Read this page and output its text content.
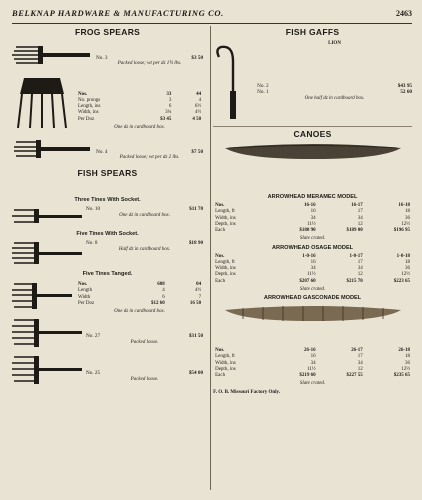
BELKNAP HARDWARE & MANUFACTURING CO.	2463
FROG SPEARS
No. 3	$3 50
Packed loose; wt per dz 1¾ lbs.
Nos.	33	44
No. prongs	3	4
Length, ins	6	6½
Width, ins	3¼	4½
Per Doz	$3 45	4 50
One dz in cardboard box.
No. 4	$7 50
Packed loose; wt per dz 2 lbs.
FISH SPEARS
Three Tines With Socket.
No. 10	$11 70
One dz in cardboard box.
Five Tines With Socket.
No. 8	$18 90
Half dz in cardboard box.
Five Tines Tanged.
Nos.	608	04
Length	4	4½
Width	6	7
Per Doz	$12 60	16 50
One dz in cardboard box.
No. 27	$31 50
Packed loose.
No. 25	$54 00
Packed loose.
FISH GAFFS
LION
No. 2	$43 95
No. 1	52 60
One half dz in cardboard box.
CANOES
ARROWHEAD MERAMEC MODEL
Nos.	16-16	16-17	16-18
Length, ft	16	17	18
Width, ins	34	34	36
Depth, ins	11½	12	12½
Each	$180 90	$189 00	$196 95
Slate crated.
ARROWHEAD OSAGE MODEL
Nos.	1-0-16	1-0-17	1-0-18
Length, ft	16	17	18
Width, ins	34	34	36
Depth, ins	11½	12	12½
Each	$207 60	$215 70	$223 65
Slate crated.
ARROWHEAD GASCONADE MODEL
Nos.	26-16	26-17	26-18
Length, ft	16	17	18
Width, ins	34	34	36
Depth, ins	11½	12	12½
Each	$219 60	$227 55	$235 65
Slate crated.
F. O. B. Missouri Factory Only.
